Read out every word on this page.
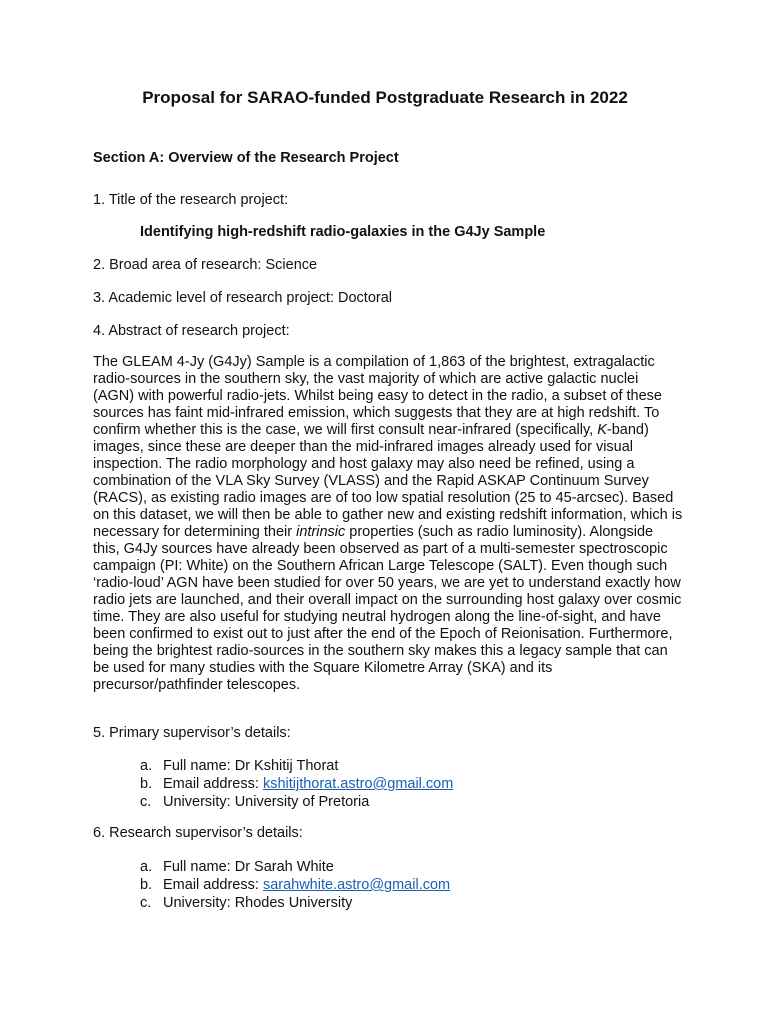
Proposal for SARAO-funded Postgraduate Research in 2022
Section A: Overview of the Research Project
1. Title of the research project:
Identifying high-redshift radio-galaxies in the G4Jy Sample
2. Broad area of research: Science
3. Academic level of research project: Doctoral
4. Abstract of research project:

The GLEAM 4-Jy (G4Jy) Sample is a compilation of 1,863 of the brightest, extragalactic radio-sources in the southern sky, the vast majority of which are active galactic nuclei (AGN) with powerful radio-jets. Whilst being easy to detect in the radio, a subset of these sources has faint mid-infrared emission, which suggests that they are at high redshift. To confirm whether this is the case, we will first consult near-infrared (specifically, K-band) images, since these are deeper than the mid-infrared images already used for visual inspection. The radio morphology and host galaxy may also need be refined, using a combination of the VLA Sky Survey (VLASS) and the Rapid ASKAP Continuum Survey (RACS), as existing radio images are of too low spatial resolution (25 to 45-arcsec). Based on this dataset, we will then be able to gather new and existing redshift information, which is necessary for determining their intrinsic properties (such as radio luminosity). Alongside this, G4Jy sources have already been observed as part of a multi-semester spectroscopic campaign (PI: White) on the Southern African Large Telescope (SALT). Even though such ‘radio-loud’ AGN have been studied for over 50 years, we are yet to understand exactly how radio jets are launched, and their overall impact on the surrounding host galaxy over cosmic time. They are also useful for studying neutral hydrogen along the line-of-sight, and have been confirmed to exist out to just after the end of the Epoch of Reionisation. Furthermore, being the brightest radio-sources in the southern sky makes this a legacy sample that can be used for many studies with the Square Kilometre Array (SKA) and its precursor/pathfinder telescopes.

5. Primary supervisor’s details:
a. Full name: Dr Kshitij Thorat
b. Email address: kshitijthorat.astro@gmail.com
c. University: University of Pretoria
6. Research supervisor’s details:
a. Full name: Dr Sarah White
b. Email address: sarahwhite.astro@gmail.com
c. University: Rhodes University
